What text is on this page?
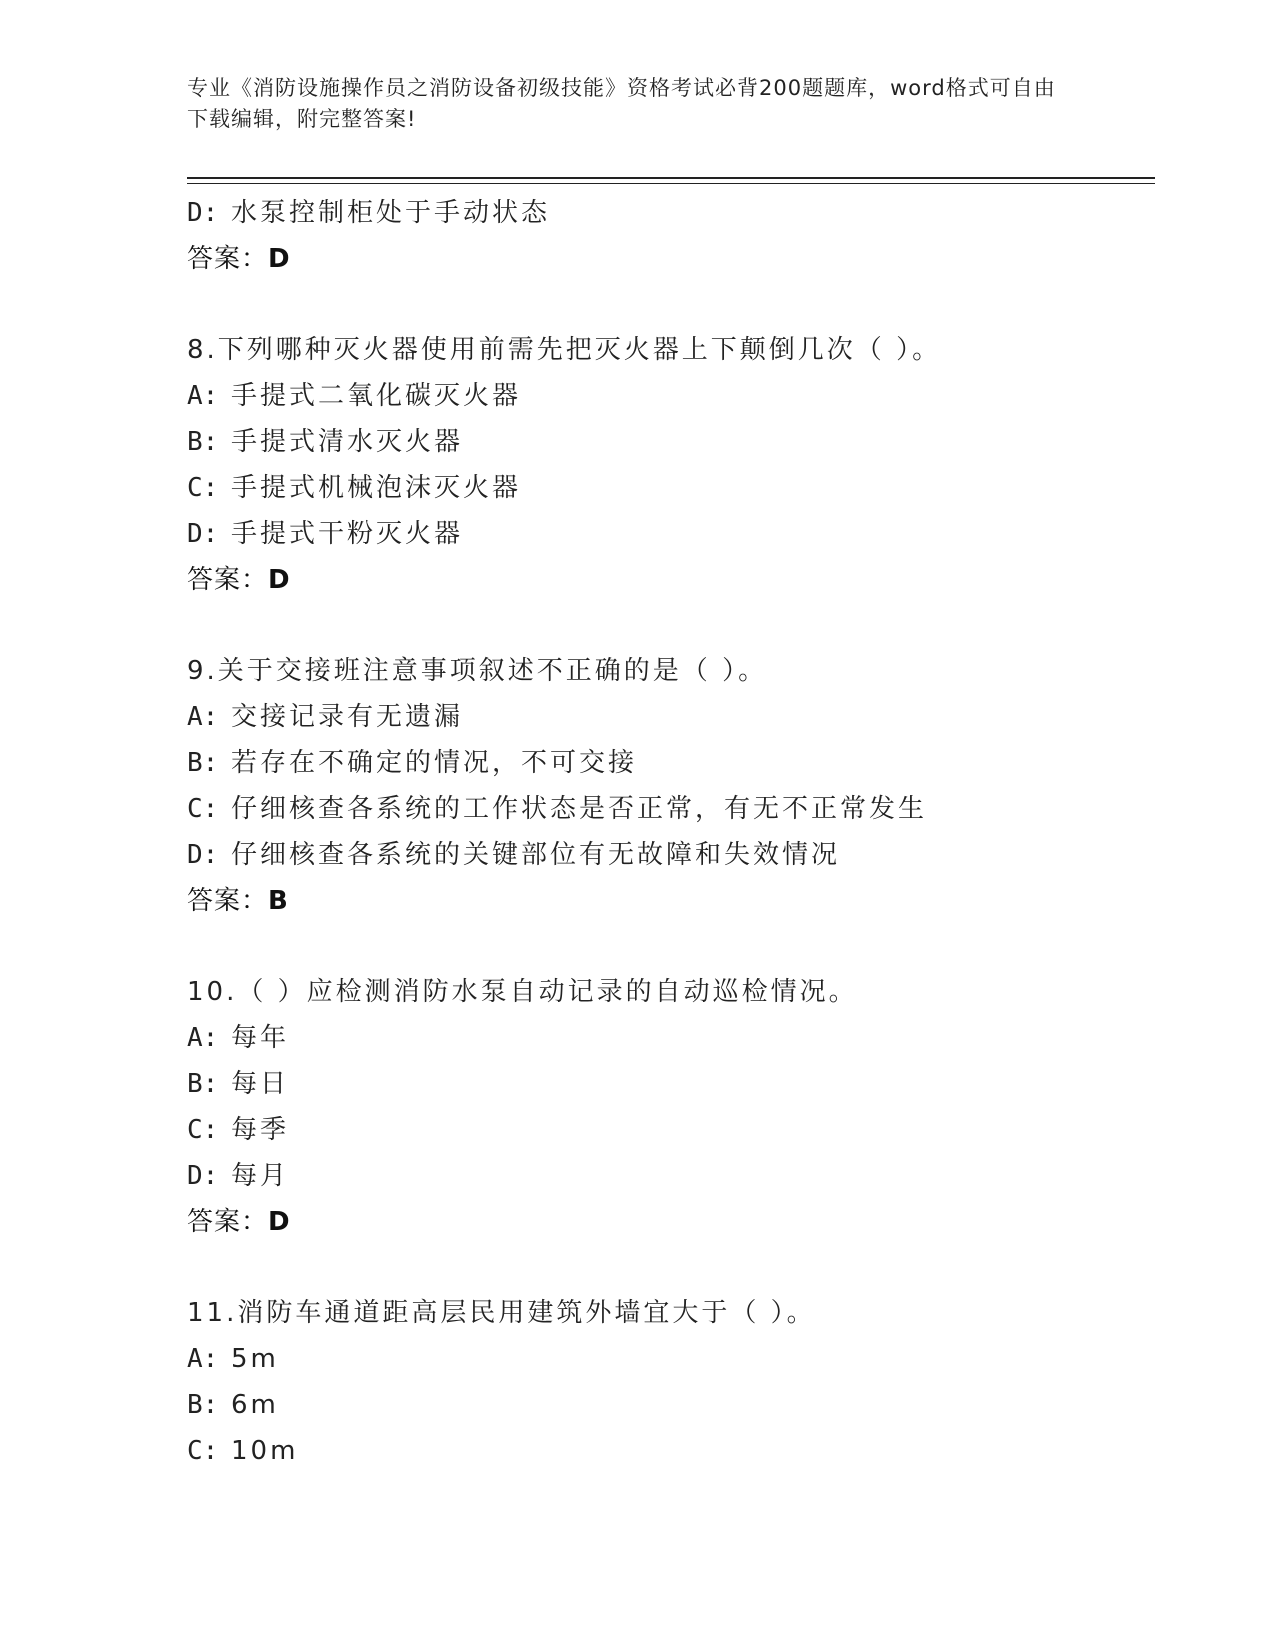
专业《消防设施操作员之消防设备初级技能》资格考试必背200题题库，word格式可自由下载编辑，附完整答案!
D: 水泵控制柜处于手动状态
答案：D
8.下列哪种灭火器使用前需先把灭火器上下颠倒几次（ ）。
A: 手提式二氧化碳灭火器
B: 手提式清水灭火器
C: 手提式机械泡沫灭火器
D: 手提式干粉灭火器
答案：D
9.关于交接班注意事项叙述不正确的是（ ）。
A: 交接记录有无遗漏
B: 若存在不确定的情况，不可交接
C: 仔细核查各系统的工作状态是否正常，有无不正常发生
D: 仔细核查各系统的关键部位有无故障和失效情况
答案：B
10.（ ）应检测消防水泵自动记录的自动巡检情况。
A: 每年
B: 每日
C: 每季
D: 每月
答案：D
11.消防车通道距高层民用建筑外墙宜大于（ ）。
A: 5m
B: 6m
C: 10m
